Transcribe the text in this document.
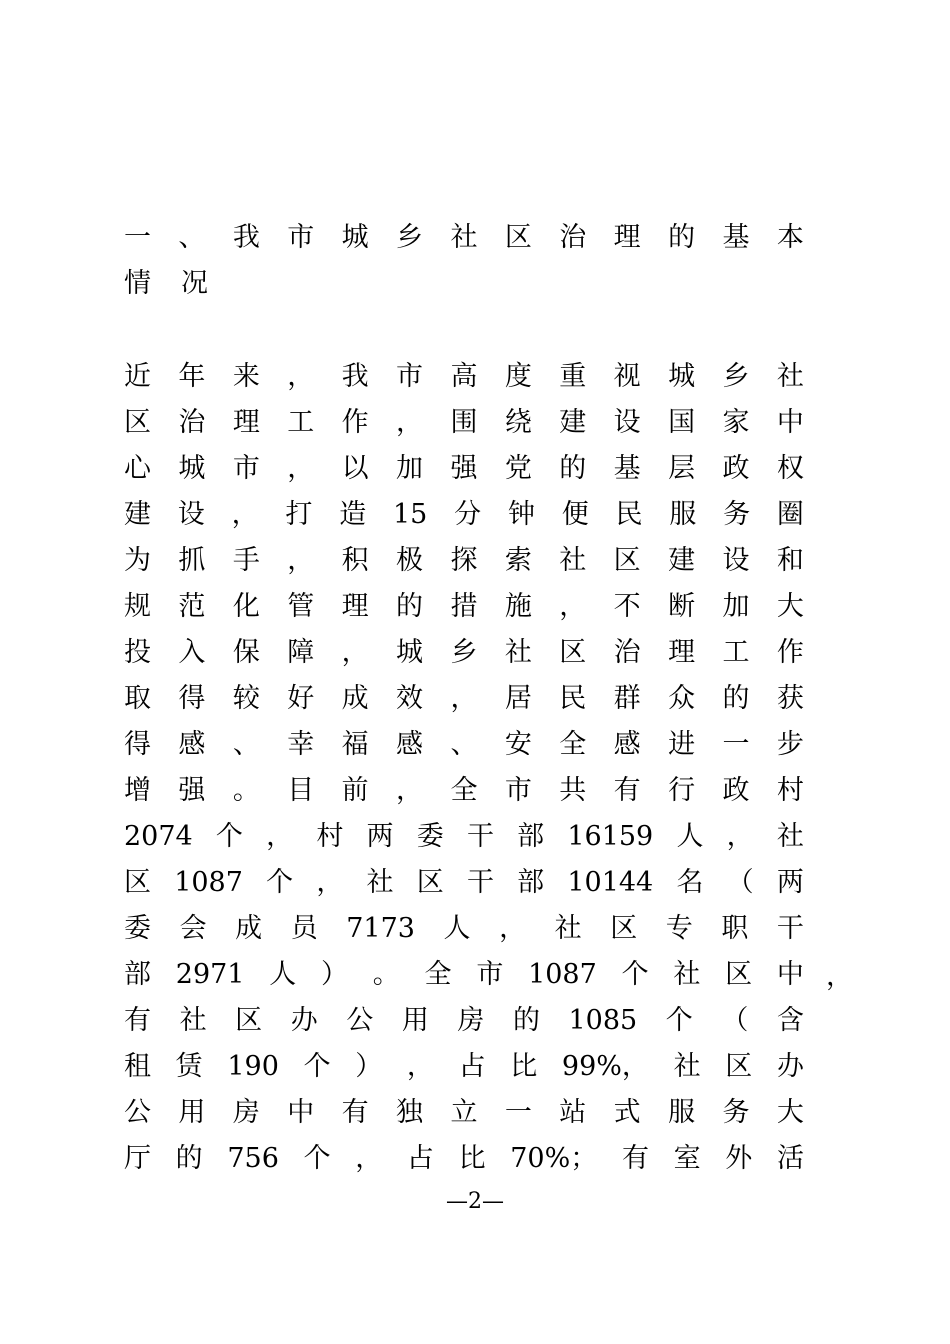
一 、 我 市 城 乡 社 区 治 理 的 基 本
情 况
近 年 来 ， 我 市 高 度 重 视 城 乡 社
区 治 理 工 作 ， 围 绕 建 设 国 家 中
心 城 市 ， 以 加 强 党 的 基 层 政 权
建 设 ， 打 造 15 分 钟 便 民 服 务 圈
为 抓 手 ， 积 极 探 索 社 区 建 设 和
规 范 化 管 理 的 措 施 ， 不 断 加 大
投 入 保 障 ， 城 乡 社 区 治 理 工 作
取 得 较 好 成 效 ， 居 民 群 众 的 获
得 感 、 幸 福 感 、 安 全 感 进 一 步
增 强 。 目 前 ， 全 市 共 有 行 政 村
2074 个 ， 村 两 委 干 部 16159 人 ， 社
区 1087 个 ， 社 区 干 部 10144 名 （ 两
委 会 成 员 7173 人 ， 社 区 专 职 干
部 2971 人 ） 。 全 市 1087 个 社 区 中
有 社 区 办 公 用 房 的 1085 个 （ 含
租 赁 190 个 ） ， 占 比 99%， 社 区 办
公 用 房 中 有 独 立 一 站 式 服 务 大
厅 的 756 个 ， 占 比 70%； 有 室 外 活
，
—2—
